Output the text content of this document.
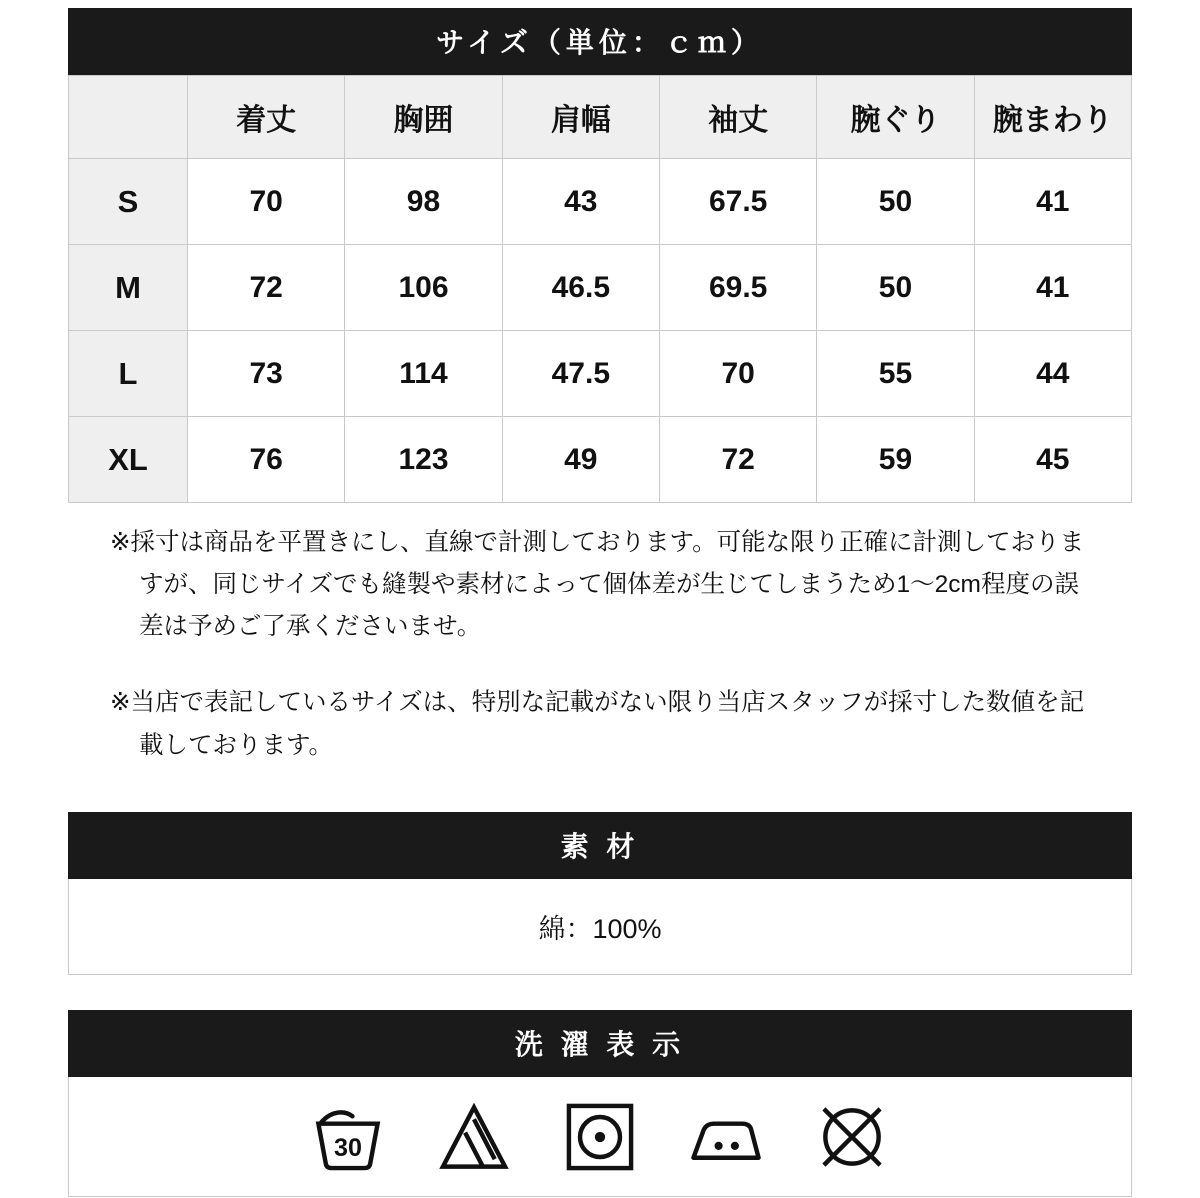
サイズ（単位：ｃｍ）
	着丈	胸囲	肩幅	袖丈	腕ぐり	腕まわり
S	70	98	43	67.5	50	41
M	72	106	46.5	69.5	50	41
L	73	114	47.5	70	55	44
XL	76	123	49	72	59	45
※採寸は商品を平置きにし、直線で計測しております。可能な限り正確に計測しておりますが、同じサイズでも縫製や素材によって個体差が生じてしまうため1〜2cm程度の誤差は予めご了承くださいませ。
※当店で表記しているサイズは、特別な記載がない限り当店スタッフが採寸した数値を記載しております。
素 材
綿：100%
洗 濯 表 示
30
